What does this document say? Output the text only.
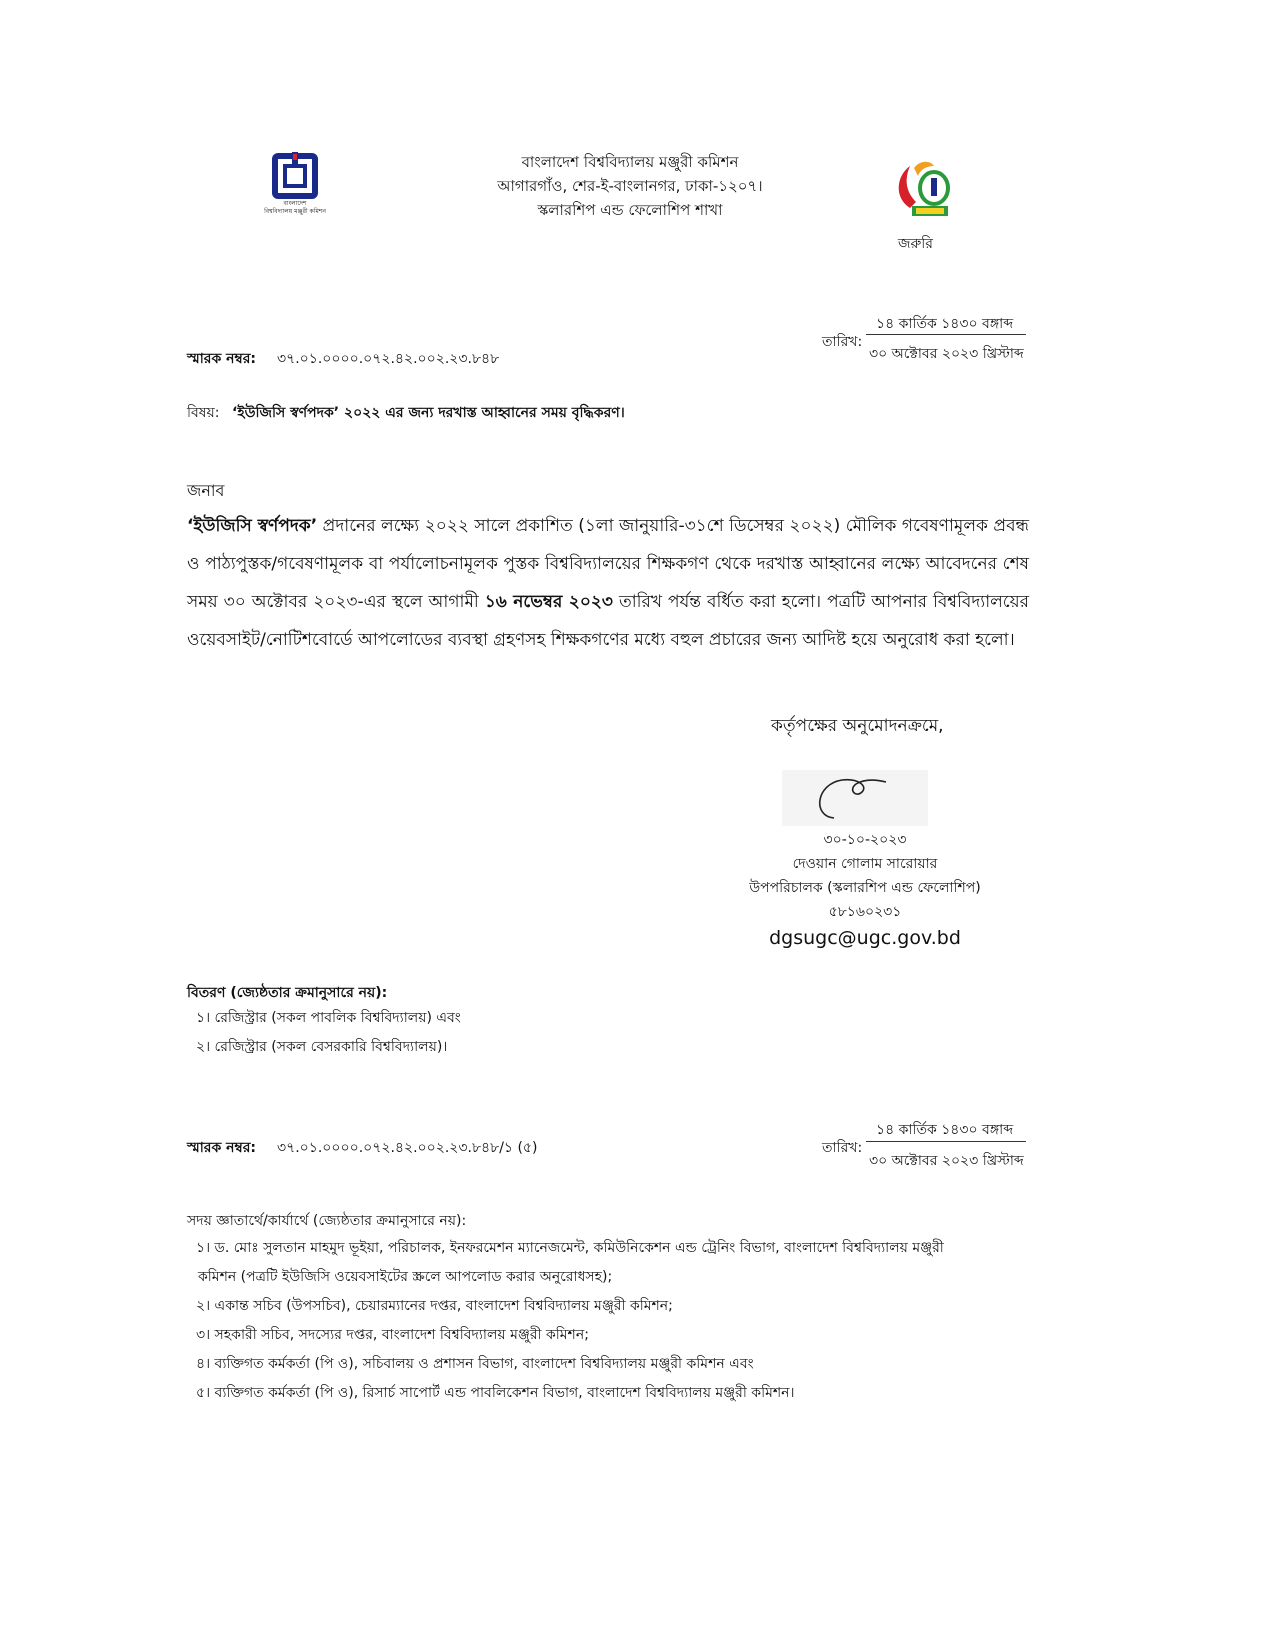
বাংলাদেশ
বিশ্ববিদ্যালয় মঞ্জুরী কমিশন
বাংলাদেশ বিশ্ববিদ্যালয় মঞ্জুরী কমিশন
আগারগাঁও, শের-ই-বাংলানগর, ঢাকা-১২০৭।
স্কলারশিপ এন্ড ফেলোশিপ শাখা
জরুরি
স্মারক নম্বর: ৩৭.০১.০০০০.০৭২.৪২.০০২.২৩.৮৪৮
তারিখ:
১৪ কার্তিক ১৪৩০ বঙ্গাব্দ
৩০ অক্টোবর ২০২৩ খ্রিস্টাব্দ
বিষয়: ‘ইউজিসি স্বর্ণপদক’ ২০২২ এর জন্য দরখাস্ত আহ্বানের সময় বৃদ্ধিকরণ।
জনাব
‘ইউজিসি স্বর্ণপদক’ প্রদানের লক্ষ্যে ২০২২ সালে প্রকাশিত (১লা জানুয়ারি-৩১শে ডিসেম্বর ২০২২) মৌলিক গবেষণামূলক প্রবন্ধ ও পাঠ্যপুস্তক/গবেষণামূলক বা পর্যালোচনামূলক পুস্তক বিশ্ববিদ্যালয়ের শিক্ষকগণ থেকে দরখাস্ত আহ্বানের লক্ষ্যে আবেদনের শেষ সময় ৩০ অক্টোবর ২০২৩-এর স্থলে আগামী ১৬ নভেম্বর ২০২৩ তারিখ পর্যন্ত বর্ধিত করা হলো। পত্রটি আপনার বিশ্ববিদ্যালয়ের ওয়েবসাইট/নোটিশবোর্ডে আপলোডের ব্যবস্থা গ্রহণসহ শিক্ষকগণের মধ্যে বহুল প্রচারের জন্য আদিষ্ট হয়ে অনুরোধ করা হলো।
কর্তৃপক্ষের অনুমোদনক্রমে,
৩০-১০-২০২৩
দেওয়ান গোলাম সারোয়ার
উপপরিচালক (স্কলারশিপ এন্ড ফেলোশিপ)
৫৮১৬০২৩১
dgsugc@ugc.gov.bd
বিতরণ (জ্যেষ্ঠতার ক্রমানুসারে নয়):
১। রেজিস্ট্রার (সকল পাবলিক বিশ্ববিদ্যালয়) এবং
২। রেজিস্ট্রার (সকল বেসরকারি বিশ্ববিদ্যালয়)।
স্মারক নম্বর: ৩৭.০১.০০০০.০৭২.৪২.০০২.২৩.৮৪৮/১ (৫)	তারিখ:
১৪ কার্তিক ১৪৩০ বঙ্গাব্দ
৩০ অক্টোবর ২০২৩ খ্রিস্টাব্দ
সদয় জ্ঞাতার্থে/কার্যার্থে (জ্যেষ্ঠতার ক্রমানুসারে নয়):
১। ড. মোঃ সুলতান মাহমুদ ভূইয়া, পরিচালক, ইনফরমেশন ম্যানেজমেন্ট, কমিউনিকেশন এন্ড ট্রেনিং বিভাগ, বাংলাদেশ বিশ্ববিদ্যালয় মঞ্জুরী
কমিশন (পত্রটি ইউজিসি ওয়েবসাইটের স্ক্রলে আপলোড করার অনুরোধসহ);
২। একান্ত সচিব (উপসচিব), চেয়ারম্যানের দপ্তর, বাংলাদেশ বিশ্ববিদ্যালয় মঞ্জুরী কমিশন;
৩। সহকারী সচিব, সদস্যের দপ্তর, বাংলাদেশ বিশ্ববিদ্যালয় মঞ্জুরী কমিশন;
৪। ব্যক্তিগত কর্মকর্তা (পি ও), সচিবালয় ও প্রশাসন বিভাগ, বাংলাদেশ বিশ্ববিদ্যালয় মঞ্জুরী কমিশন এবং
৫। ব্যক্তিগত কর্মকর্তা (পি ও), রিসার্চ সাপোর্ট এন্ড পাবলিকেশন বিভাগ, বাংলাদেশ বিশ্ববিদ্যালয় মঞ্জুরী কমিশন।
